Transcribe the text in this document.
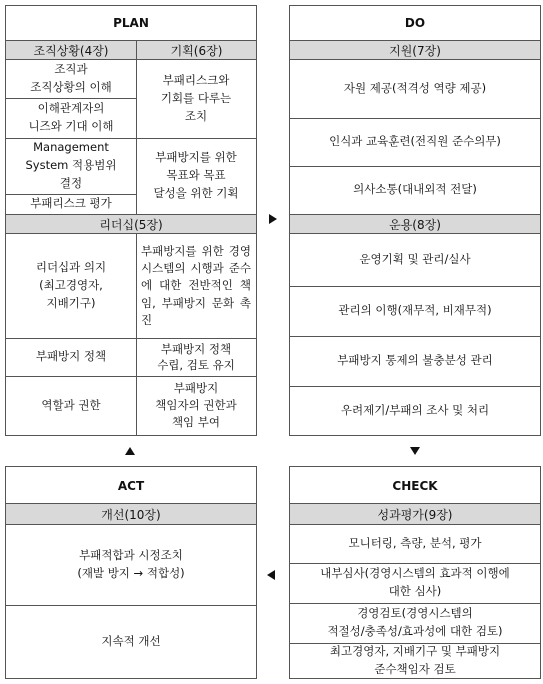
PLAN
조직상황(4장)	기획(6장)
조직과
조직상황의 이해
이해관계자의
니즈와 기대 이해
Management
System 적용범위
결정
부패리스크 평가
부패리스크와
기회를 다루는
조치
부패방지를 위한
목표와 목표
달성을 위한 기획
리더십(5장)
리더십과 의지
(최고경영자,
지배기구)
부패방지를 위한 경영시스템의 시행과 준수에 대한 전반적인 책임, 부패방지 문화 촉진
부패방지 정책
부패방지 정책
수립, 검토 유지
역할과 권한
부패방지
책임자의 권한과
책임 부여
DO
지원(7장)
자원 제공(적격성 역량 제공)
인식과 교육훈련(전직원 준수의무)
의사소통(대내외적 전달)
운용(8장)
운영기획 및 관리/실사
관리의 이행(재무적, 비재무적)
부패방지 통제의 불충분성 관리
우려제기/부패의 조사 및 처리
ACT
개선(10장)
부패적합과 시정조치
(재발 방지 → 적합성)
지속적 개선
CHECK
성과평가(9장)
모니터링, 측량, 분석, 평가
내부심사(경영시스템의 효과적 이행에
대한 심사)
경영검토(경영시스템의
적절성/충족성/효과성에 대한 검토)
최고경영자, 지배기구 및 부패방지
준수책임자 검토
